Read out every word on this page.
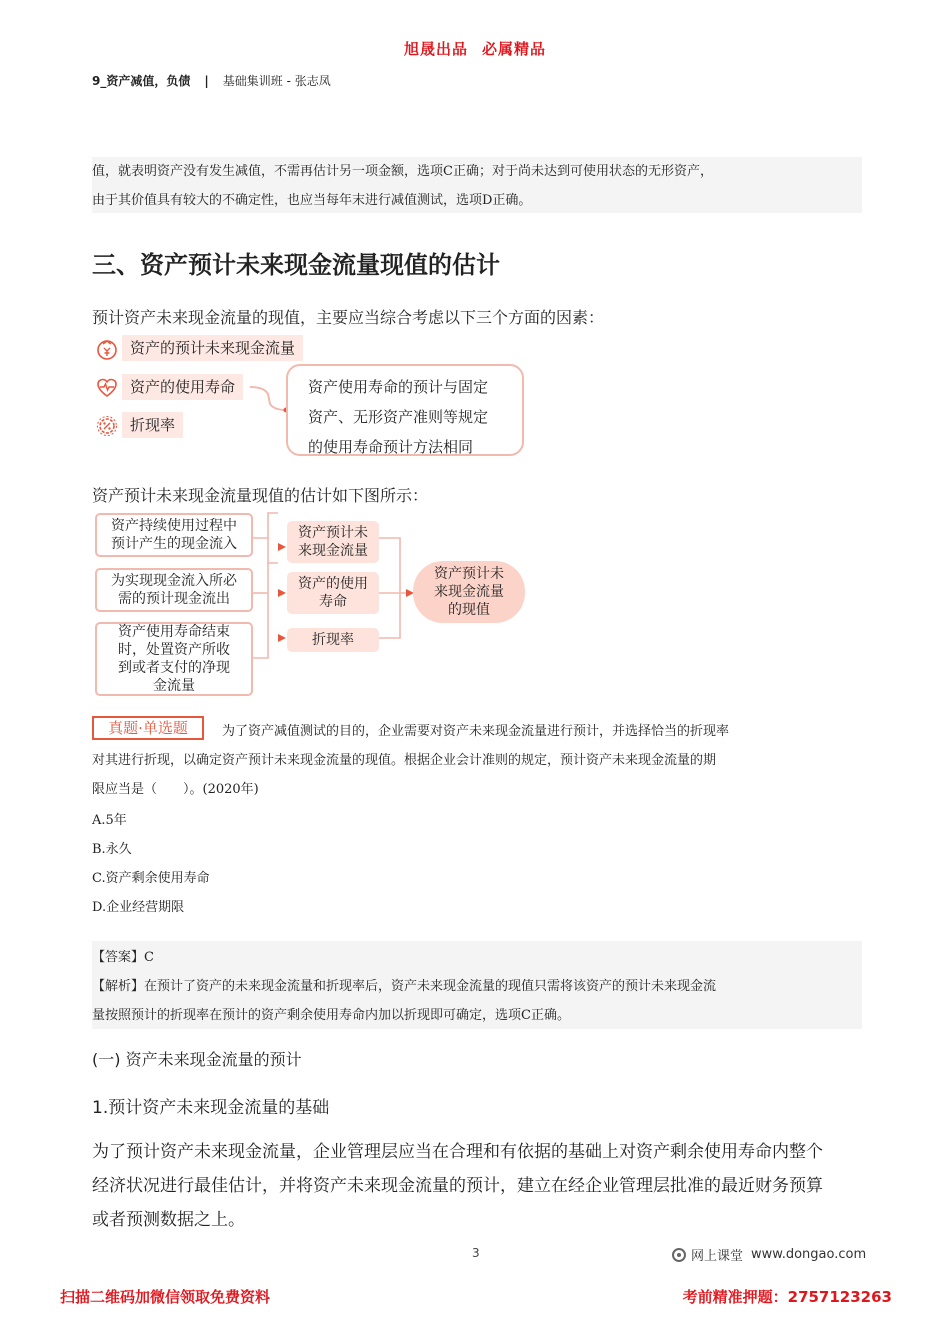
旭晟出品 必属精品
9_资产减值，负债 | 基础集训班 - 张志凤

值，就表明资产没有发生减值，不需再估计另一项金额，选项C正确；对于尚未达到可使用状态的无形资产，

由于其价值具有较大的不确定性，也应当每年末进行减值测试，选项D正确。

三、资产预计未来现金流量现值的估计
预计资产未来现金流量的现值，主要应当综合考虑以下三个方面的因素：
资产的预计未来现金流量
资产的使用寿命
折现率
资产使用寿命的预计与固定
资产、无形资产准则等规定
的使用寿命预计方法相同
资产预计未来现金流量现值的估计如下图所示：
资产持续使用过程中
预计产生的现金流入
为实现现金流入所必
需的预计现金流出
资产使用寿命结束
时，处置资产所收
到或者支付的净现
金流量
资产预计未
来现金流量
资产的使用
寿命
折现率
资产预计未
来现金流量
的现值
真题·单选题	为了资产减值测试的目的，企业需要对资产未来现金流量进行预计，并选择恰当的折现率
对其进行折现，以确定资产预计未来现金流量的现值。根据企业会计准则的规定，预计资产未来现金流量的期
限应当是（　　）。(2020年)
A.5年
B.永久
C.资产剩余使用寿命
D.企业经营期限

【答案】C

【解析】在预计了资产的未来现金流量和折现率后，资产未来现金流量的现值只需将该资产的预计未来现金流

量按照预计的折现率在预计的资产剩余使用寿命内加以折现即可确定，选项C正确。

(一) 资产未来现金流量的预计
1.预计资产未来现金流量的基础
为了预计资产未来现金流量，企业管理层应当在合理和有依据的基础上对资产剩余使用寿命内整个
经济状况进行最佳估计，并将资产未来现金流量的预计，建立在经企业管理层批准的最近财务预算
或者预测数据之上。
3	网上课堂 www.dongao.com
扫描二维码加微信领取免费资料	考前精准押题：2757123263
